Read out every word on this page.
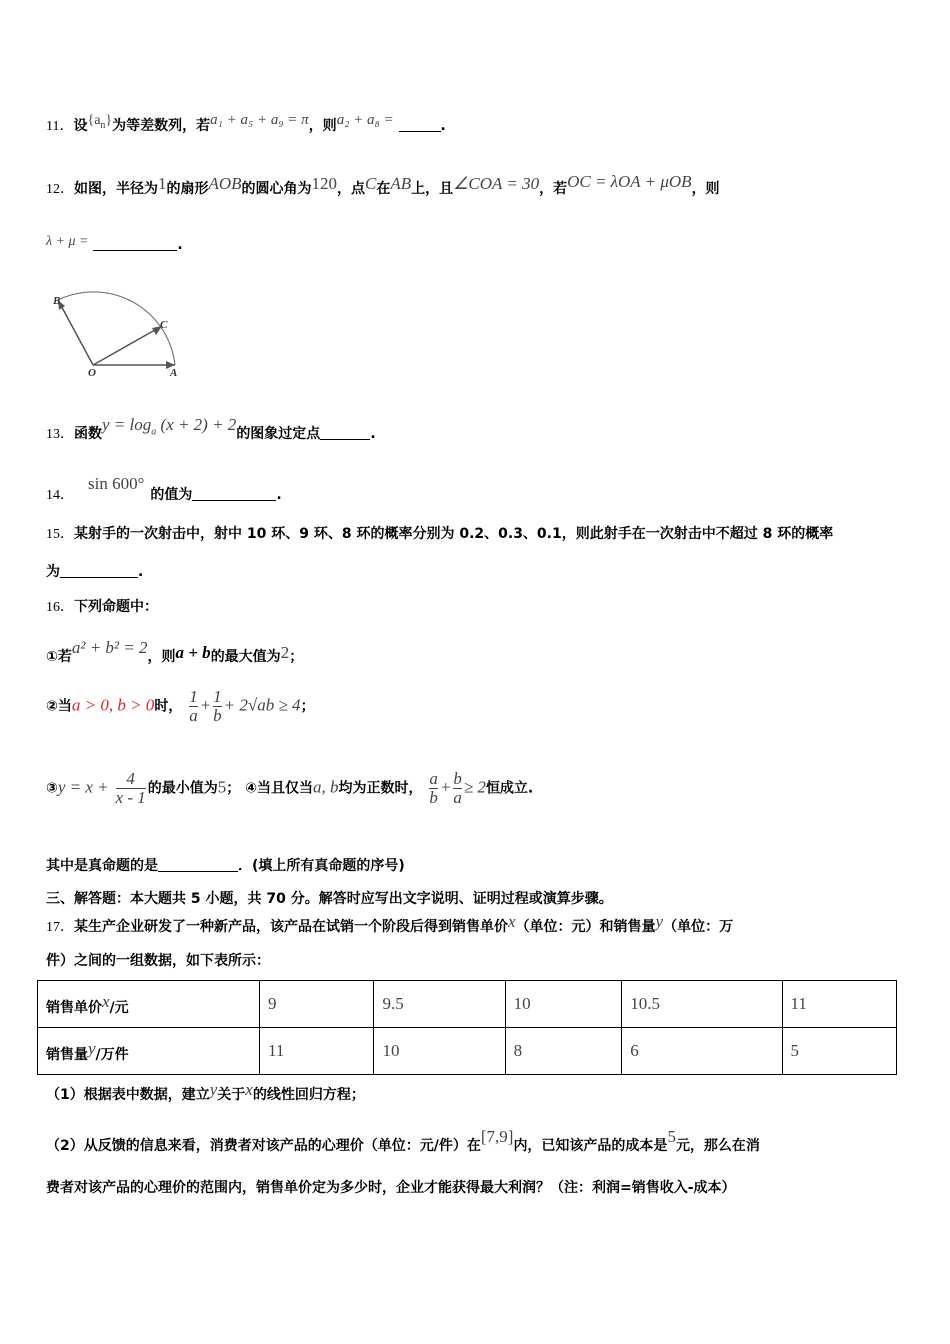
11．设$\{a_n\}$为等差数列，若a₁ + a₅ + a₉ = π，则a₂ + a₈ =	.
12．如图，半径为1的扇形AOB的圆心角为120，点C在AB上，且∠COA = 30，若OC = λOA + μOB，则
λ + μ =	.
B
C
O	A
13．函数$y = \log_a (x + 2) + 2$的图象过定点	.
14．sin 600°的值为	.
15．某射手的一次射击中，射中 10 环、9 环、8 环的概率分别为 0.2、0.3、0.1，则此射手在一次射击中不超过 8 环的概率
为	.
16．下列命题中：
①若a² + b² = 2，则a + b的最大值为2；
②当a > 0, b > 0时， $\frac{1}{a} + \frac{1}{b} + 2√ab \ge 4$；
③y = $x + \frac{4}{x - 1}$ 的最小值为5； ④当且仅当a, b均为正数时， $\frac{a}{b} + \frac{b}{a} \ge 2$恒成立.
其中是真命题的是	．(填上所有真命题的序号)
三、解答题：本大题共 5 小题，共 70 分。解答时应写出文字说明、证明过程或演算步骤。
17．某生产企业研发了一种新产品，该产品在试销一个阶段后得到销售单价x（单位：元）和销售量y（单位：万
件）之间的一组数据，如下表所示：
销售单价x/元	9	9.5	10	10.5	11
销售量y/万件	11	10	8	6	5
（1）根据表中数据，建立y关于x的线性回归方程；
（2）从反馈的信息来看，消费者对该产品的心理价（单位：元/件）在[7,9]内，已知该产品的成本是5元，那么在消
费者对该产品的心理价的范围内，销售单价定为多少时，企业才能获得最大利润？（注：利润=销售收入-成本）
